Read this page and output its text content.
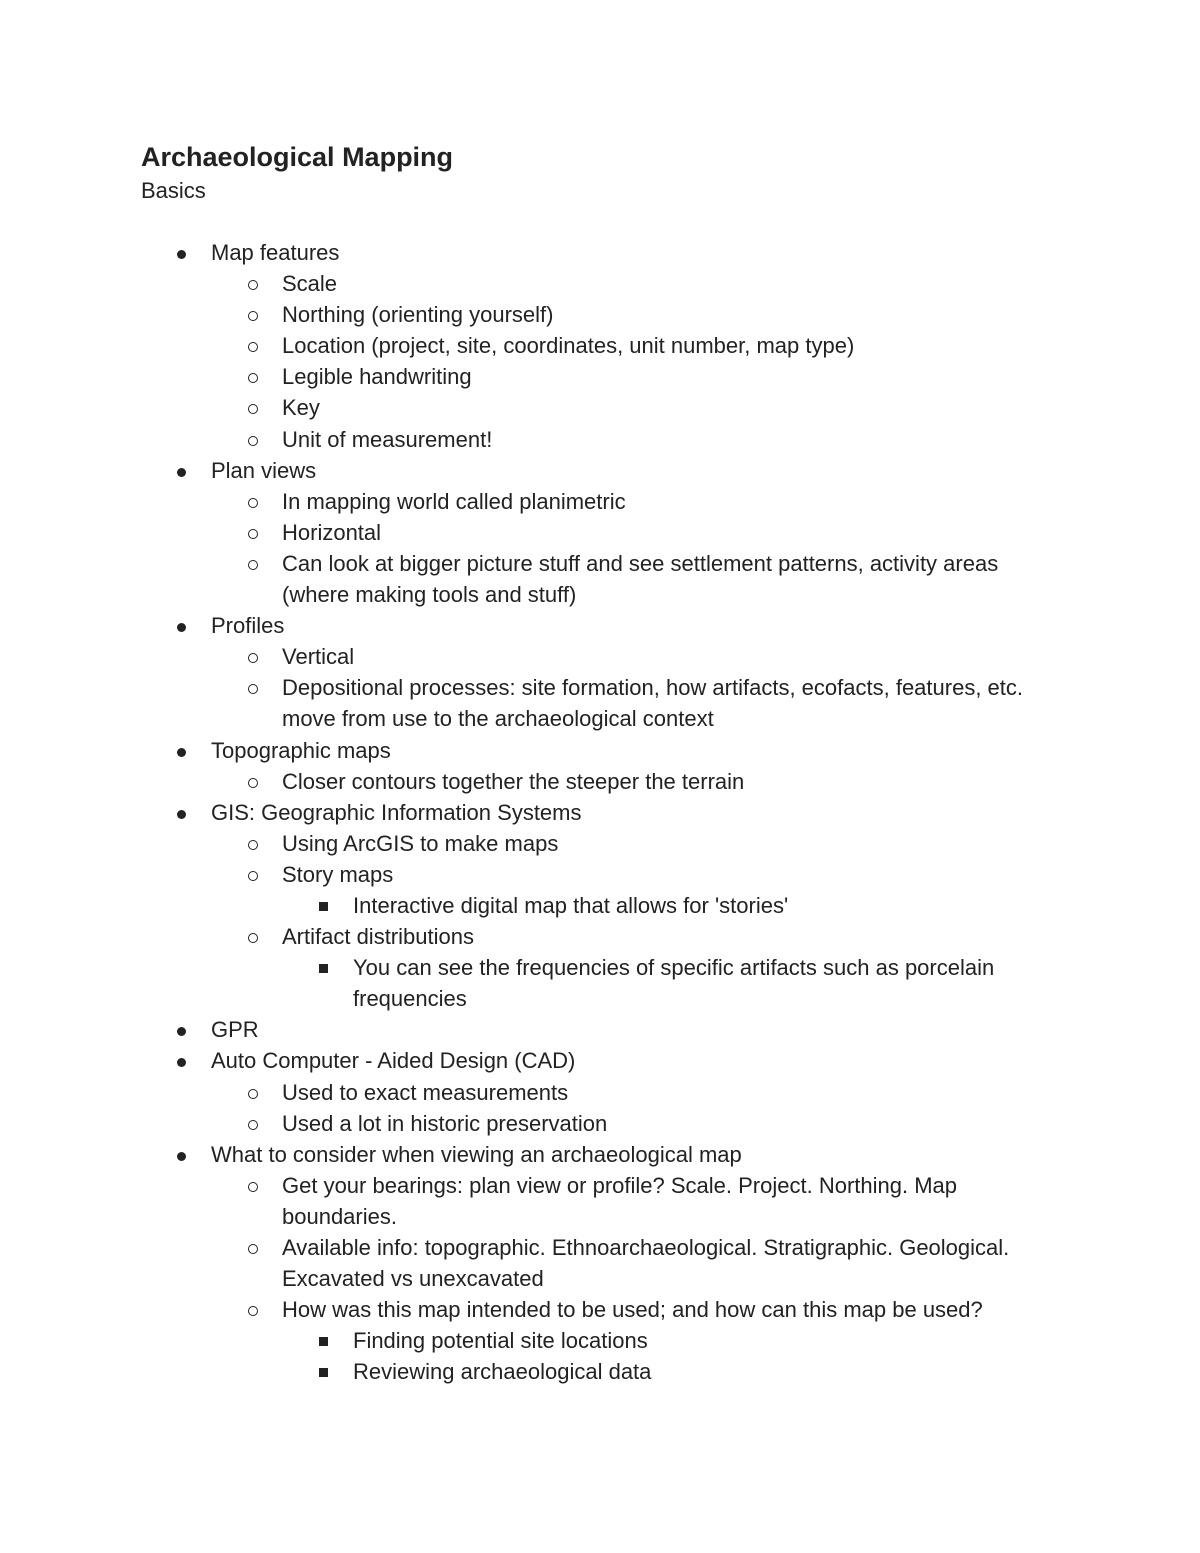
Archaeological Mapping
Basics
Map features
Scale
Northing (orienting yourself)
Location (project, site, coordinates, unit number, map type)
Legible handwriting
Key
Unit of measurement!
Plan views
In mapping world called planimetric
Horizontal
Can look at bigger picture stuff and see settlement patterns, activity areas (where making tools and stuff)
Profiles
Vertical
Depositional processes: site formation, how artifacts, ecofacts, features, etc. move from use to the archaeological context
Topographic maps
Closer contours together the steeper the terrain
GIS: Geographic Information Systems
Using ArcGIS to make maps
Story maps
Interactive digital map that allows for 'stories'
Artifact distributions
You can see the frequencies of specific artifacts such as porcelain frequencies
GPR
Auto Computer - Aided Design (CAD)
Used to exact measurements
Used a lot in historic preservation
What to consider when viewing an archaeological map
Get your bearings: plan view or profile? Scale. Project. Northing. Map boundaries.
Available info: topographic. Ethnoarchaeological. Stratigraphic. Geological. Excavated vs unexcavated
How was this map intended to be used; and how can this map be used?
Finding potential site locations
Reviewing archaeological data
